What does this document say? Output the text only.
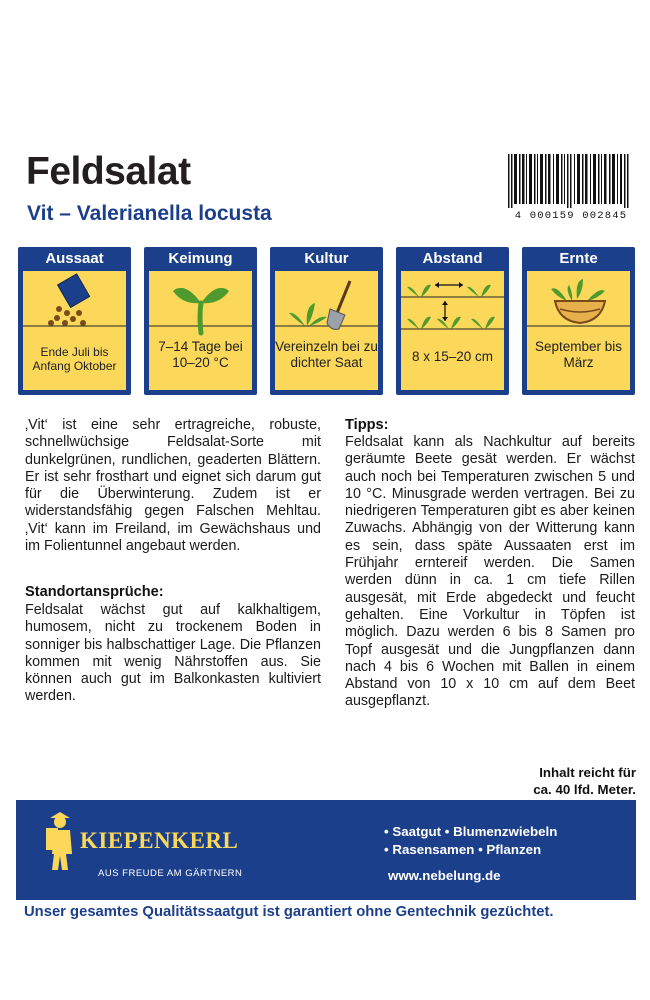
Feldsalat
Vit – Valerianella locusta	4 000159 002845
Aussaat
Ende Juli bis Anfang Oktober
Keimung
7–14 Tage bei 10–20 °C
Kultur
Vereinzeln bei zu dichter Saat
Abstand
8 x 15–20 cm
Ernte
September bis März
‚Vit‘ ist eine sehr ertragreiche, robuste, schnellwüchsige Feldsalat-Sorte mit dunkelgrünen, rundlichen, geaderten Blättern. Er ist sehr frosthart und eignet sich darum gut für die Überwinterung. Zudem ist er widerstandsfähig gegen Falschen Mehltau. ‚Vit‘ kann im Freiland, im Gewächshaus und im Folientunnel angebaut werden.
Standortansprüche:
Feldsalat wächst gut auf kalkhaltigem, humosem, nicht zu trockenem Boden in sonniger bis halbschattiger Lage. Die Pflanzen kommen mit wenig Nährstoffen aus. Sie können auch gut im Balkonkasten kultiviert werden.
Tipps:
Feldsalat kann als Nachkultur auf bereits geräumte Beete gesät werden. Er wächst auch noch bei Temperaturen zwischen 5 und 10 °C. Minusgrade werden vertragen. Bei zu niedrigeren Temperaturen gibt es aber keinen Zuwachs. Abhängig von der Witterung kann es sein, dass späte Aussaaten erst im Frühjahr erntereif werden. Die Samen werden dünn in ca. 1 cm tiefe Rillen ausgesät, mit Erde abgedeckt und feucht gehalten. Eine Vorkultur in Töpfen ist möglich. Dazu werden 6 bis 8 Samen pro Topf ausgesät und die Jungpflanzen dann nach 4 bis 6 Wochen mit Ballen in einem Abstand von 10 x 10 cm auf dem Beet ausgepflanzt.
Inhalt reicht für
ca. 40 lfd. Meter.
KIEPENKERL
AUS FREUDE AM GÄRTNERN
• Saatgut • Blumenzwiebeln
• Rasensamen • Pflanzen
www.nebelung.de
Unser gesamtes Qualitätssaatgut ist garantiert ohne Gentechnik gezüchtet.
